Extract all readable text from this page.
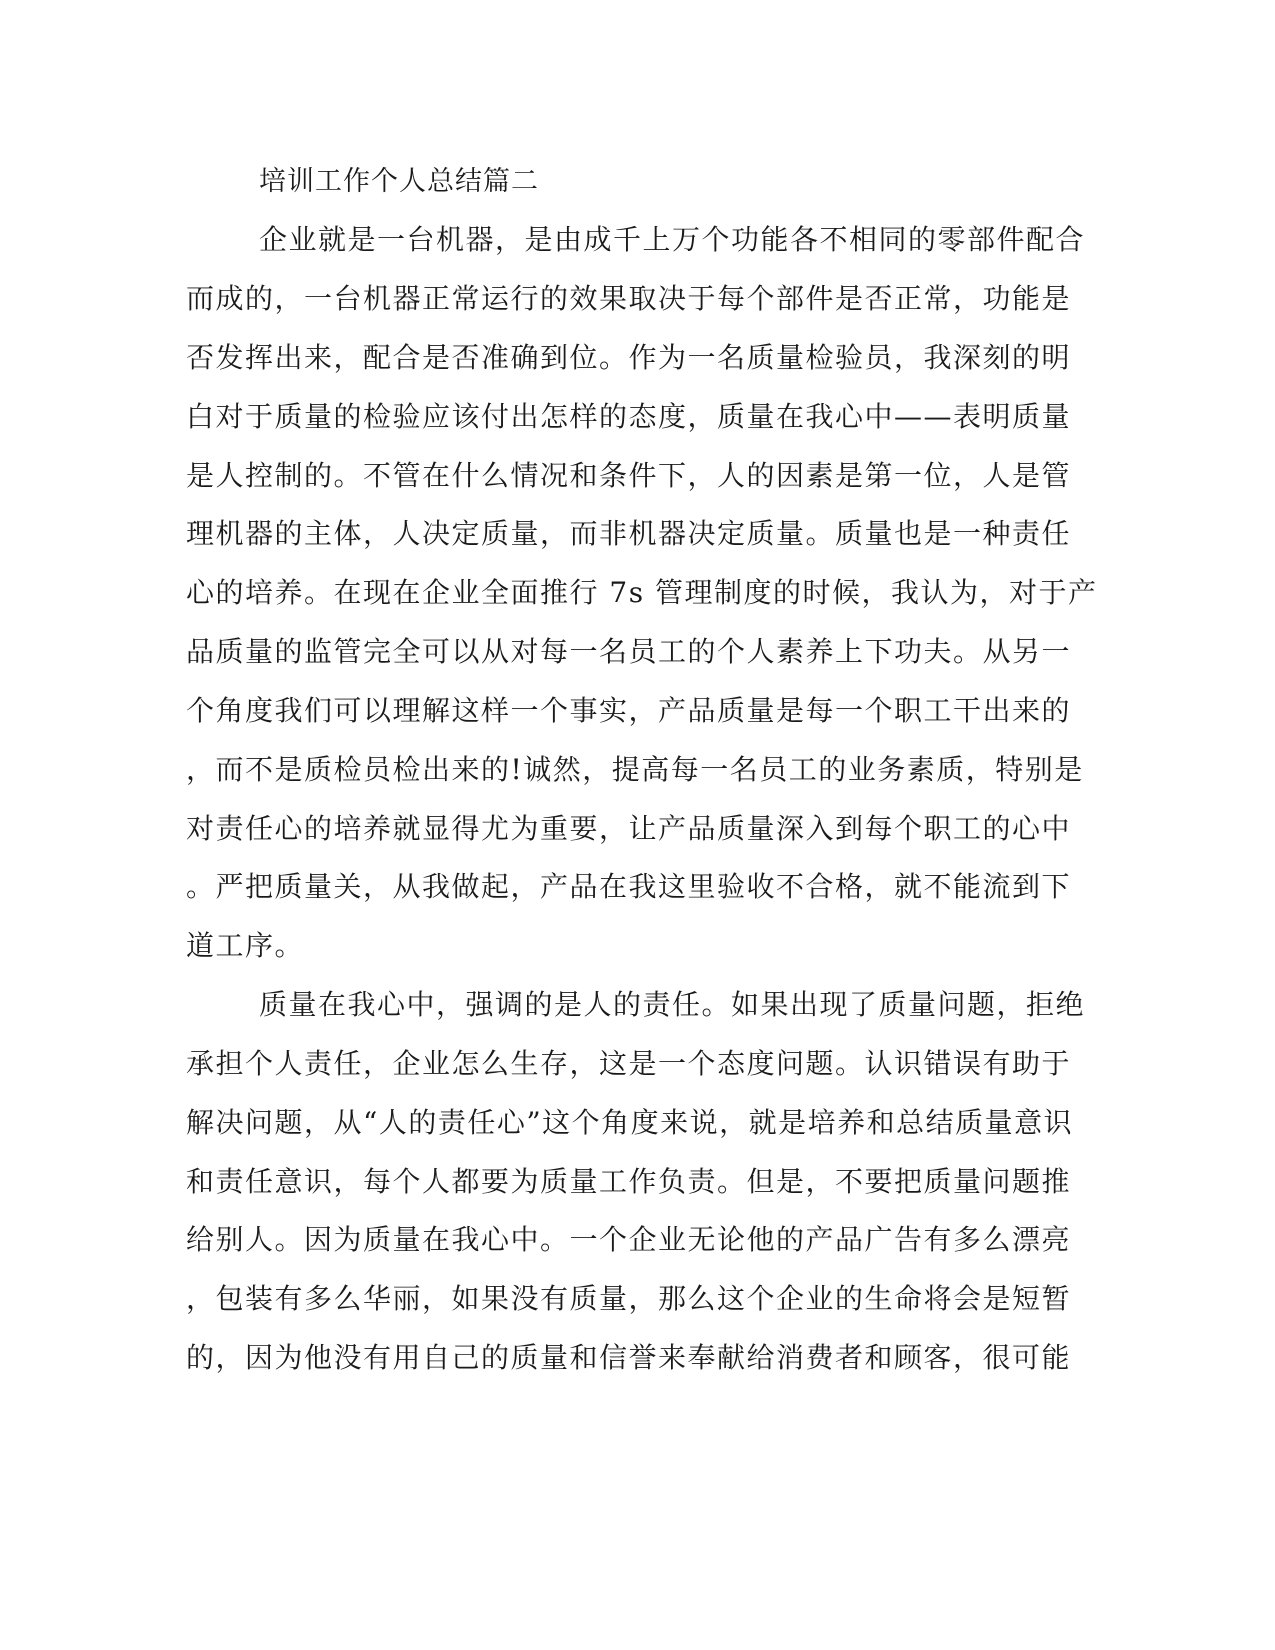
培训工作个人总结篇二
企业就是一台机器，是由成千上万个功能各不相同的零部件配合
而成的，一台机器正常运行的效果取决于每个部件是否正常，功能是
否发挥出来，配合是否准确到位。作为一名质量检验员，我深刻的明
白对于质量的检验应该付出怎样的态度，质量在我心中——表明质量
是人控制的。不管在什么情况和条件下，人的因素是第一位，人是管
理机器的主体，人决定质量，而非机器决定质量。质量也是一种责任
心的培养。在现在企业全面推行 7s 管理制度的时候，我认为，对于产
品质量的监管完全可以从对每一名员工的个人素养上下功夫。从另一
个角度我们可以理解这样一个事实，产品质量是每一个职工干出来的
，而不是质检员检出来的!诚然，提高每一名员工的业务素质，特别是
对责任心的培养就显得尤为重要，让产品质量深入到每个职工的心中
。严把质量关，从我做起，产品在我这里验收不合格，就不能流到下
道工序。
质量在我心中，强调的是人的责任。如果出现了质量问题，拒绝
承担个人责任，企业怎么生存，这是一个态度问题。认识错误有助于
解决问题，从“人的责任心”这个角度来说，就是培养和总结质量意识
和责任意识，每个人都要为质量工作负责。但是，不要把质量问题推
给别人。因为质量在我心中。一个企业无论他的产品广告有多么漂亮
，包装有多么华丽，如果没有质量，那么这个企业的生命将会是短暂
的，因为他没有用自己的质量和信誉来奉献给消费者和顾客，很可能
